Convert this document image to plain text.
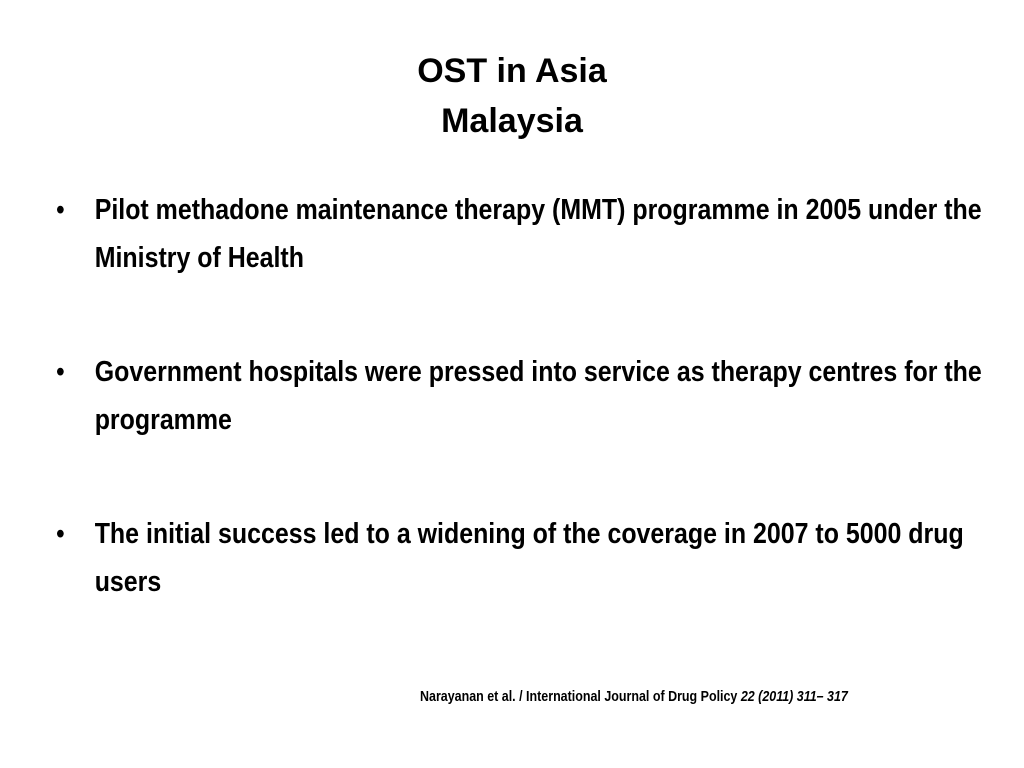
OST in Asia
Malaysia
•	Pilot methadone maintenance therapy (MMT) programme in 2005 under the Ministry of Health
•	Government hospitals were pressed into service as therapy centres for the programme
•	The initial success led to a widening of the coverage in 2007 to 5000 drug users
Narayanan et al. / International Journal of Drug Policy 22 (2011) 311– 317
